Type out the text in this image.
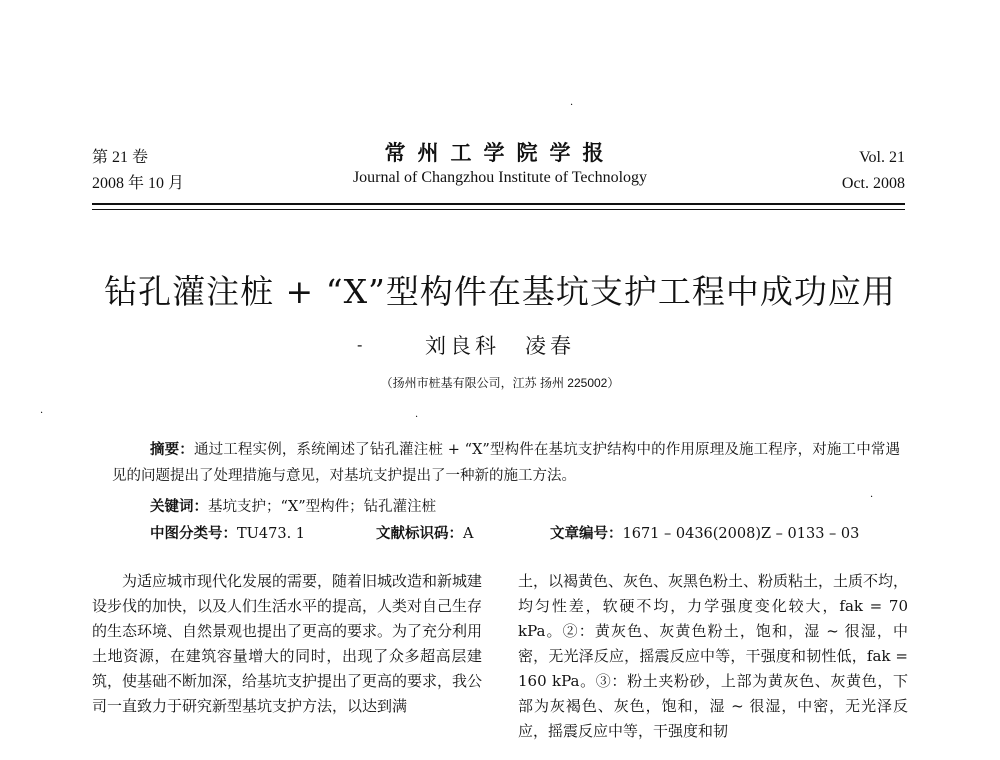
·
第 21 卷
2008 年 10 月
常州工学院学报
Journal of Changzhou Institute of Technology
Vol. 21
Oct. 2008
钻孔灌注桩 + “X”型构件在基坑支护工程中成功应用
-	刘良科　凌春
（扬州市桩基有限公司，江苏 扬州 225002）
·
·

摘要：通过工程实例，系统阐述了钻孔灌注桩 + “X”型构件在基坑支护结构中的作用原理及施工程序，对施工中常遇见的问题提出了处理措施与意见，对基坑支护提出了一种新的施工方法。

关键词：基坑支护；“X”型构件；钻孔灌注桩
·
中图分类号：TU473. 1	文献标识码：A	文章编号：1671 – 0436(2008)Z – 0133 – 03

为适应城市现代化发展的需要，随着旧城改造和新城建设步伐的加快，以及人们生活水平的提高，人类对自己生存的生态环境、自然景观也提出了更高的要求。为了充分利用土地资源，在建筑容量增大的同时，出现了众多超高层建筑，使基础不断加深，给基坑支护提出了更高的要求，我公司一直致力于研究新型基坑支护方法，以达到满

土，以褐黄色、灰色、灰黑色粉土、粉质粘土，土质不均，均匀性差，软硬不均，力学强度变化较大，fak = 70 kPa。②：黄灰色、灰黄色粉土，饱和，湿 ~ 很湿，中密，无光泽反应，摇震反应中等，干强度和韧性低，fak = 160 kPa。③：粉土夹粉砂，上部为黄灰色、灰黄色，下部为灰褐色、灰色，饱和，湿 ~ 很湿，中密，无光泽反应，摇震反应中等，干强度和韧
